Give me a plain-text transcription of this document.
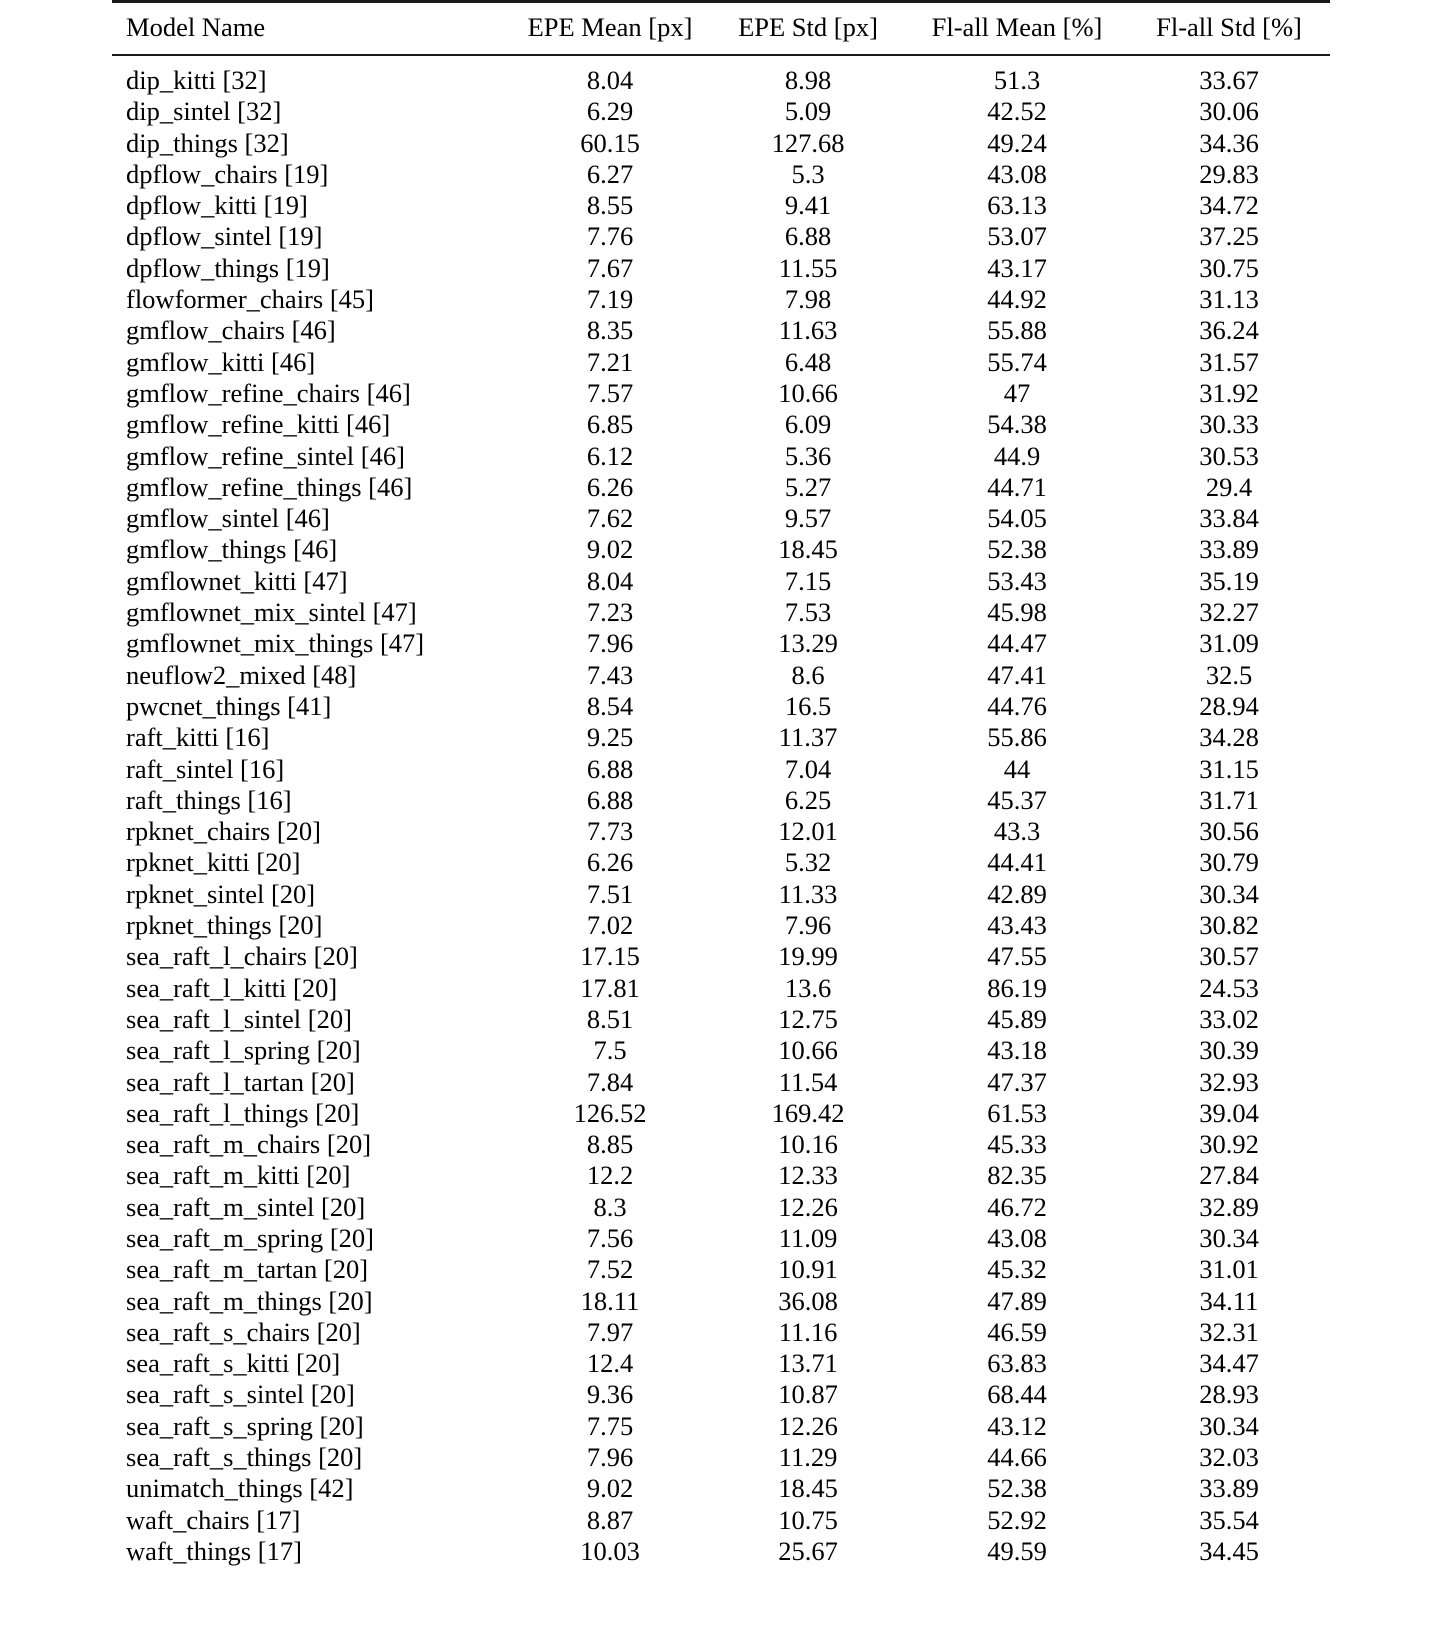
Model Name	EPE Mean [px]	EPE Std [px]	Fl-all Mean [%]	Fl-all Std [%]

dip_kitti [32]	8.04	8.98	51.3	33.67
dip_sintel [32]	6.29	5.09	42.52	30.06
dip_things [32]	60.15	127.68	49.24	34.36
dpflow_chairs [19]	6.27	5.3	43.08	29.83
dpflow_kitti [19]	8.55	9.41	63.13	34.72
dpflow_sintel [19]	7.76	6.88	53.07	37.25
dpflow_things [19]	7.67	11.55	43.17	30.75
flowformer_chairs [45]	7.19	7.98	44.92	31.13
gmflow_chairs [46]	8.35	11.63	55.88	36.24
gmflow_kitti [46]	7.21	6.48	55.74	31.57
gmflow_refine_chairs [46]	7.57	10.66	47	31.92
gmflow_refine_kitti [46]	6.85	6.09	54.38	30.33
gmflow_refine_sintel [46]	6.12	5.36	44.9	30.53
gmflow_refine_things [46]	6.26	5.27	44.71	29.4
gmflow_sintel [46]	7.62	9.57	54.05	33.84
gmflow_things [46]	9.02	18.45	52.38	33.89
gmflownet_kitti [47]	8.04	7.15	53.43	35.19
gmflownet_mix_sintel [47]	7.23	7.53	45.98	32.27
gmflownet_mix_things [47]	7.96	13.29	44.47	31.09
neuflow2_mixed [48]	7.43	8.6	47.41	32.5
pwcnet_things [41]	8.54	16.5	44.76	28.94
raft_kitti [16]	9.25	11.37	55.86	34.28
raft_sintel [16]	6.88	7.04	44	31.15
raft_things [16]	6.88	6.25	45.37	31.71
rpknet_chairs [20]	7.73	12.01	43.3	30.56
rpknet_kitti [20]	6.26	5.32	44.41	30.79
rpknet_sintel [20]	7.51	11.33	42.89	30.34
rpknet_things [20]	7.02	7.96	43.43	30.82
sea_raft_l_chairs [20]	17.15	19.99	47.55	30.57
sea_raft_l_kitti [20]	17.81	13.6	86.19	24.53
sea_raft_l_sintel [20]	8.51	12.75	45.89	33.02
sea_raft_l_spring [20]	7.5	10.66	43.18	30.39
sea_raft_l_tartan [20]	7.84	11.54	47.37	32.93
sea_raft_l_things [20]	126.52	169.42	61.53	39.04
sea_raft_m_chairs [20]	8.85	10.16	45.33	30.92
sea_raft_m_kitti [20]	12.2	12.33	82.35	27.84
sea_raft_m_sintel [20]	8.3	12.26	46.72	32.89
sea_raft_m_spring [20]	7.56	11.09	43.08	30.34
sea_raft_m_tartan [20]	7.52	10.91	45.32	31.01
sea_raft_m_things [20]	18.11	36.08	47.89	34.11
sea_raft_s_chairs [20]	7.97	11.16	46.59	32.31
sea_raft_s_kitti [20]	12.4	13.71	63.83	34.47
sea_raft_s_sintel [20]	9.36	10.87	68.44	28.93
sea_raft_s_spring [20]	7.75	12.26	43.12	30.34
sea_raft_s_things [20]	7.96	11.29	44.66	32.03
unimatch_things [42]	9.02	18.45	52.38	33.89
waft_chairs [17]	8.87	10.75	52.92	35.54
waft_things [17]	10.03	25.67	49.59	34.45
